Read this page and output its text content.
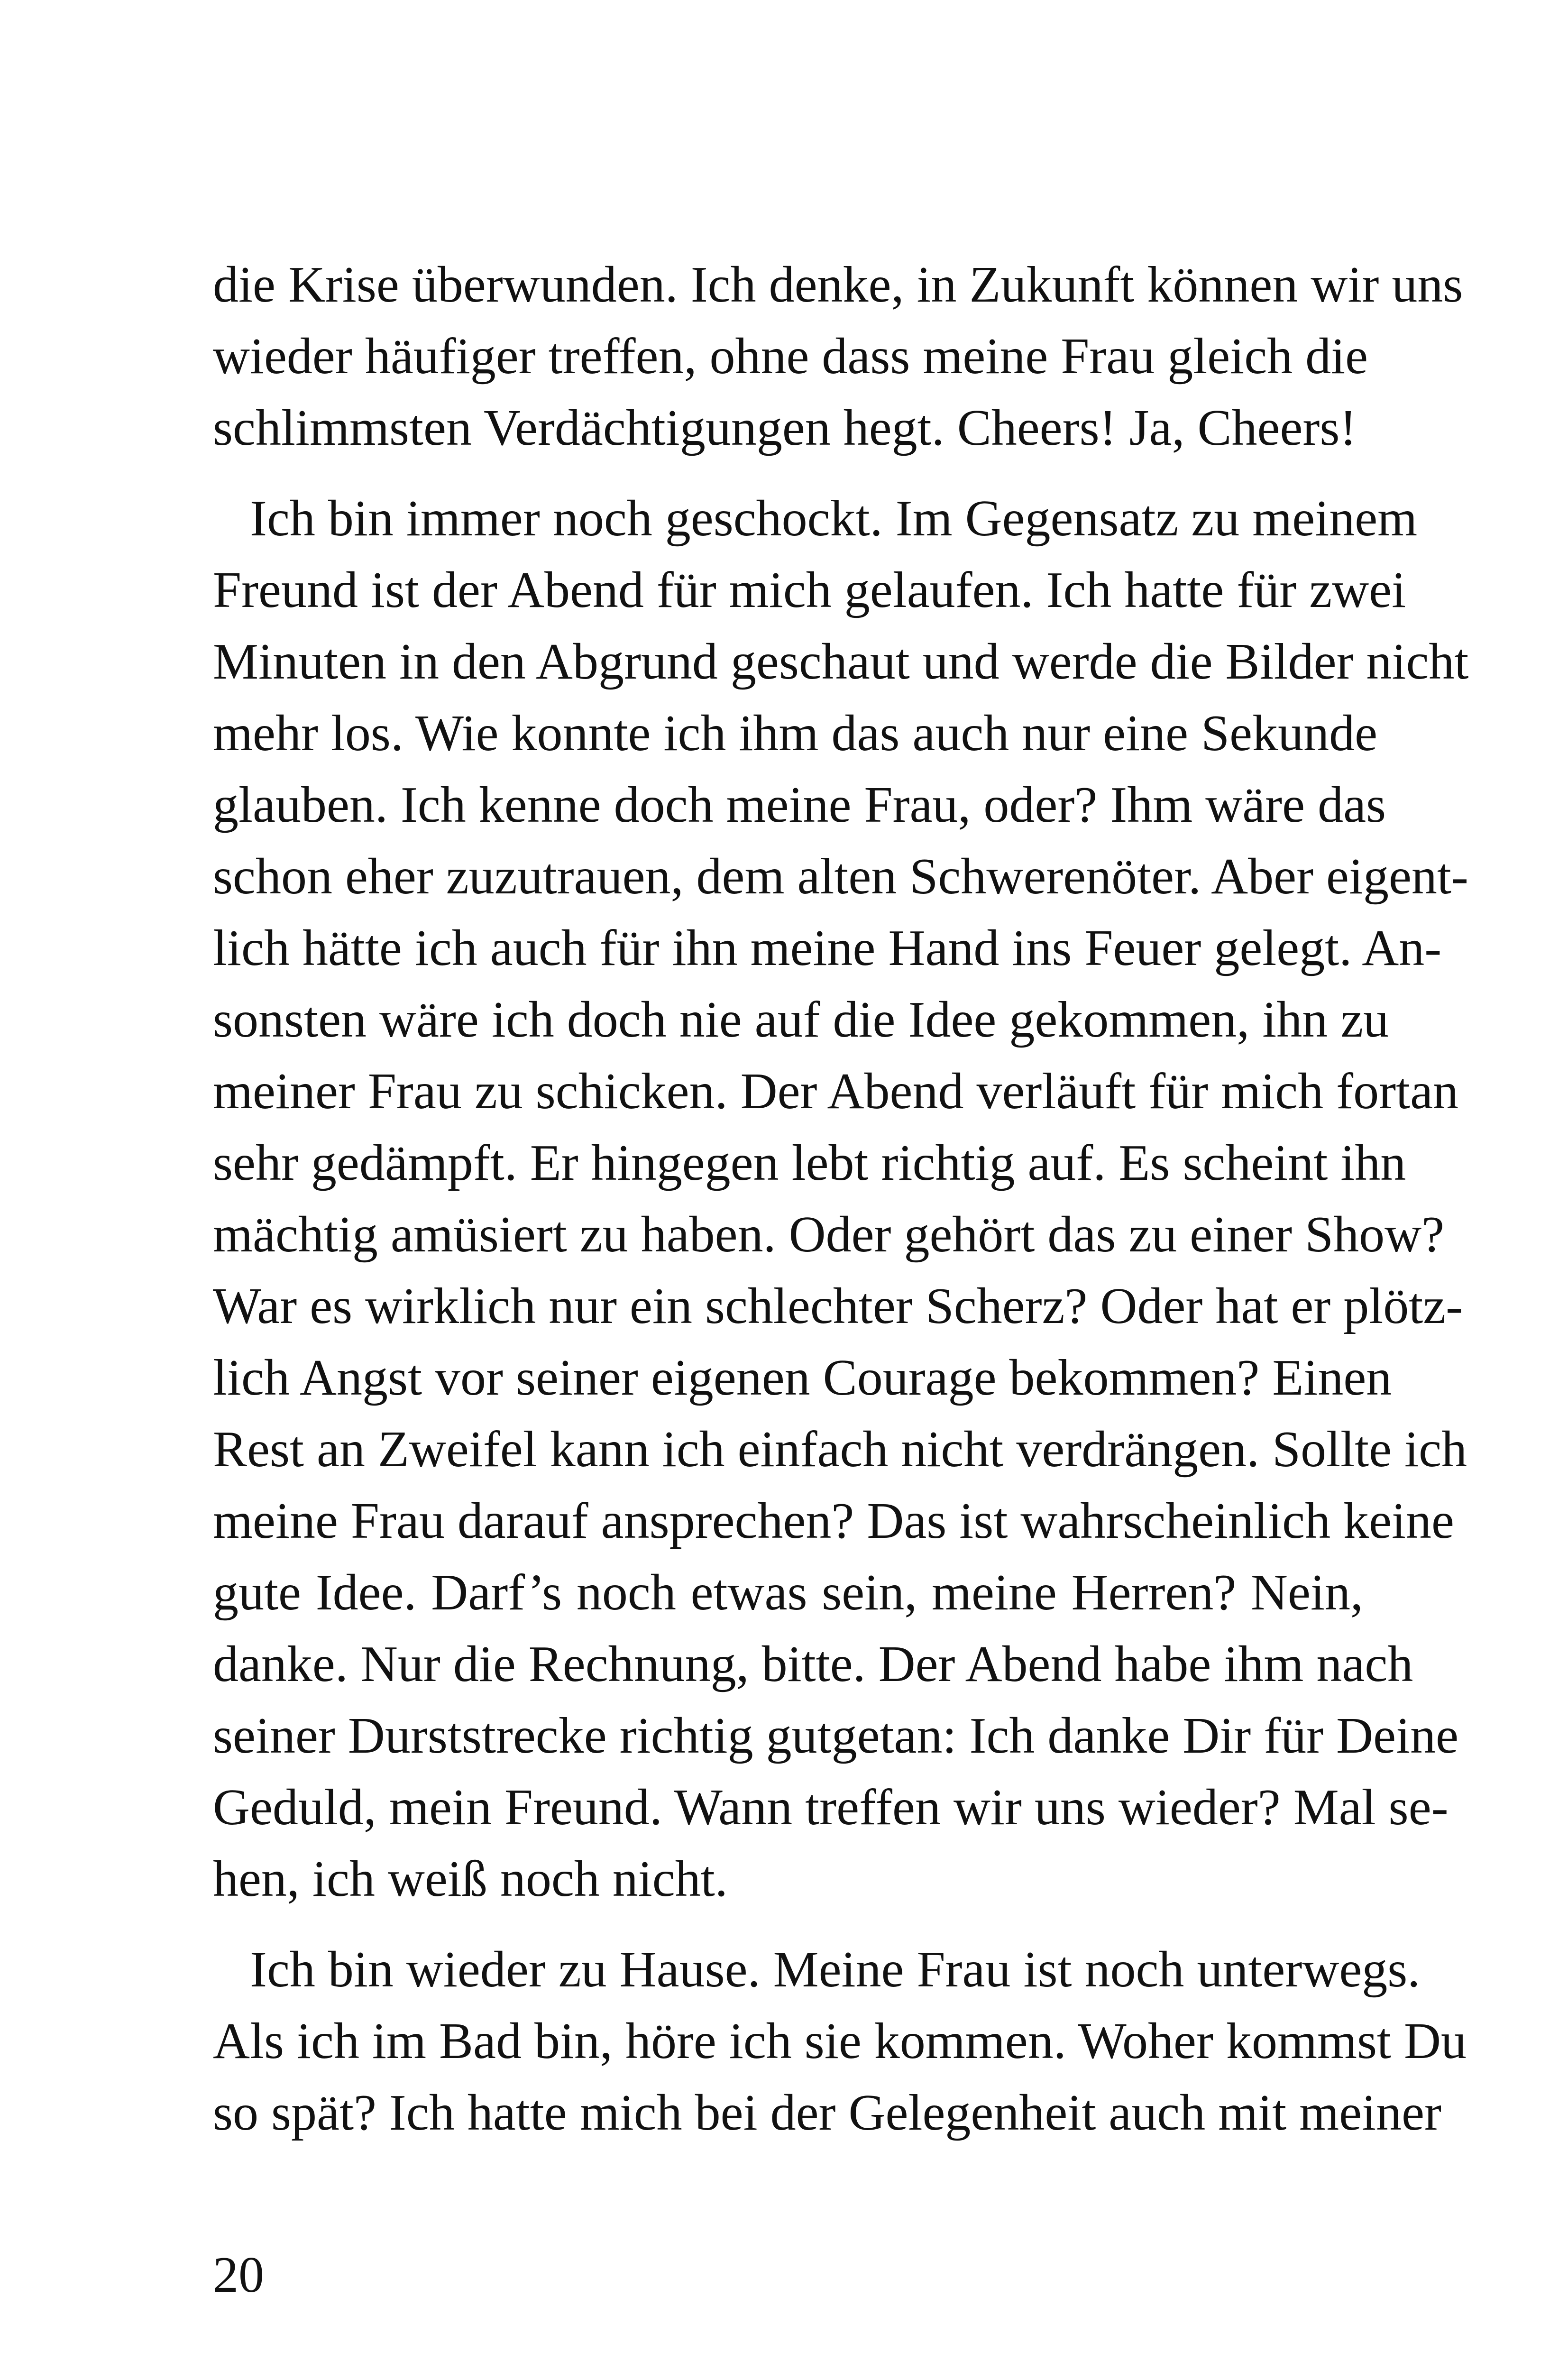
die Krise überwunden. Ich denke, in Zukunft können wir uns
wieder häufiger treffen, ohne dass meine Frau gleich die
schlimmsten Verdächtigungen hegt. Cheers! Ja, Cheers!
Ich bin immer noch geschockt. Im Gegensatz zu meinem
Freund ist der Abend für mich gelaufen. Ich hatte für zwei
Minuten in den Abgrund geschaut und werde die Bilder nicht
mehr los. Wie konnte ich ihm das auch nur eine Sekunde
glauben. Ich kenne doch meine Frau, oder? Ihm wäre das
schon eher zuzutrauen, dem alten Schwerenöter. Aber eigent-
lich hätte ich auch für ihn meine Hand ins Feuer gelegt. An-
sonsten wäre ich doch nie auf die Idee gekommen, ihn zu
meiner Frau zu schicken. Der Abend verläuft für mich fortan
sehr gedämpft. Er hingegen lebt richtig auf. Es scheint ihn
mächtig amüsiert zu haben. Oder gehört das zu einer Show?
War es wirklich nur ein schlechter Scherz? Oder hat er plötz-
lich Angst vor seiner eigenen Courage bekommen? Einen
Rest an Zweifel kann ich einfach nicht verdrängen. Sollte ich
meine Frau darauf ansprechen? Das ist wahrscheinlich keine
gute Idee. Darf’s noch etwas sein, meine Herren? Nein,
danke. Nur die Rechnung, bitte. Der Abend habe ihm nach
seiner Durststrecke richtig gutgetan: Ich danke Dir für Deine
Geduld, mein Freund. Wann treffen wir uns wieder? Mal se-
hen, ich weiß noch nicht.
Ich bin wieder zu Hause. Meine Frau ist noch unterwegs.
Als ich im Bad bin, höre ich sie kommen. Woher kommst Du
so spät? Ich hatte mich bei der Gelegenheit auch mit meiner
20
